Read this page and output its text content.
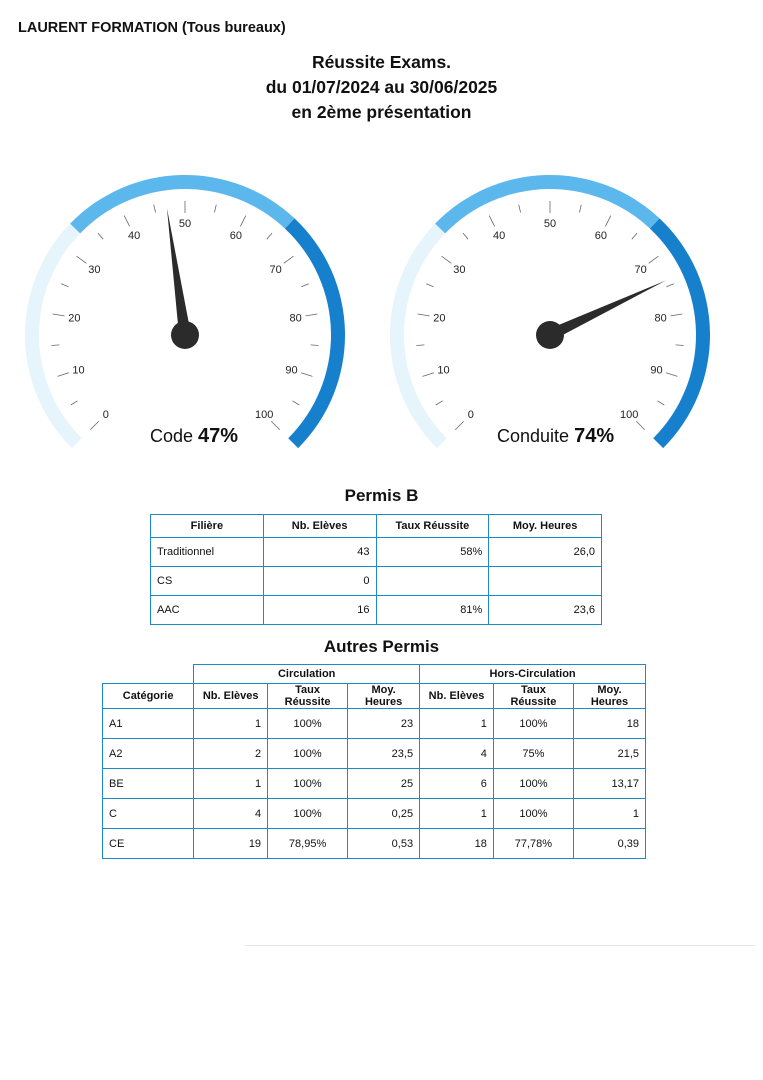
LAURENT FORMATION (Tous bureaux)
Réussite Exams.
du 01/07/2024 au 30/06/2025
en 2ème présentation
0
10
20
30
40
50
60
70
80
90
100
Code 47%
0
10
20
30
40
50
60
70
80
90
100
Conduite 74%
Permis B
Filière	Nb. Elèves	Taux Réussite	Moy. Heures
Traditionnel	43	58%	26,0
CS	0		
AAC	16	81%	23,6
Autres Permis
	Circulation			Hors-Circulation		
Catégorie	Nb. Elèves	Taux Réussite	Moy. Heures	Nb. Elèves	Taux Réussite	Moy. Heures
A1	1	100%	23	1	100%	18
A2	2	100%	23,5	4	75%	21,5
BE	1	100%	25	6	100%	13,17
C	4	100%	0,25	1	100%	1
CE	19	78,95%	0,53	18	77,78%	0,39
